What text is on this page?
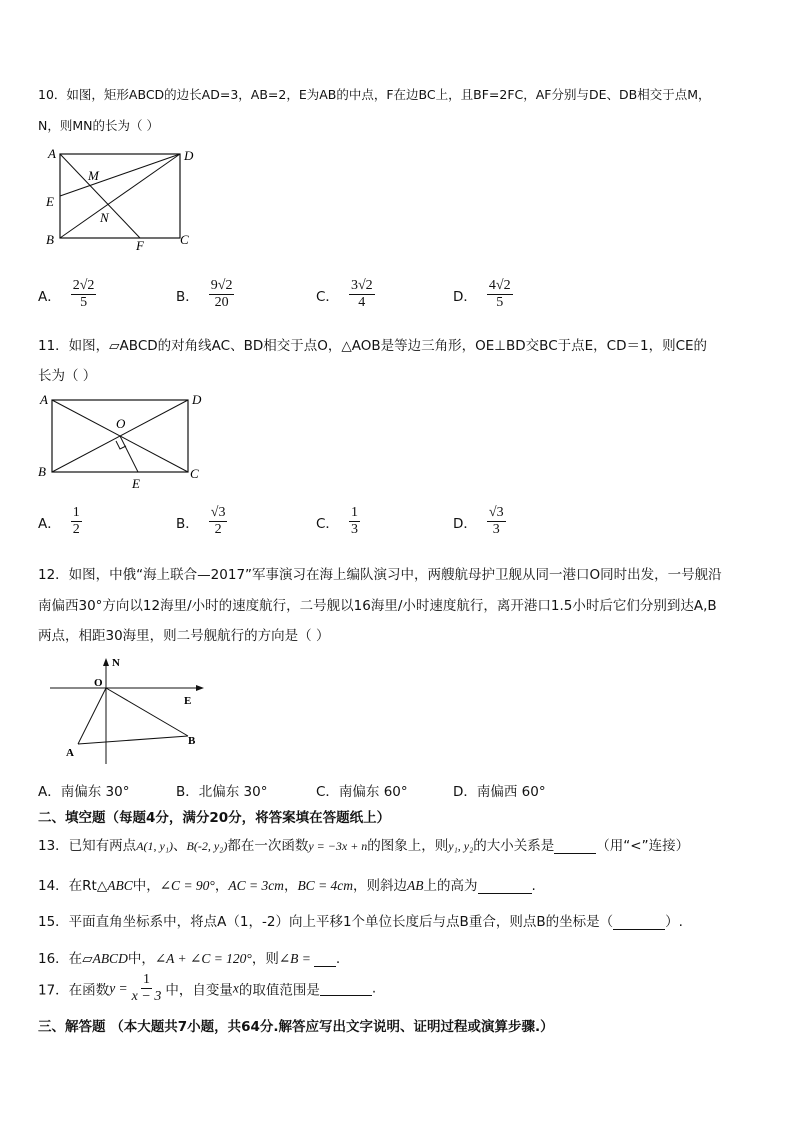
10．如图，矩形ABCD的边长AD=3，AB=2，E为AB的中点，F在边BC上，且BF=2FC，AF分别与DE、DB相交于点M，
N，则MN的长为（ ）
A	D
M
E
N
B	F	C
A． $\frac{2√2}{5}$	B． $\frac{9√2}{20}$	C． $\frac{3√2}{4}$	D． $\frac{4√2}{5}$
11．如图，▱ABCD的对角线AC、BD相交于点O，△AOB是等边三角形，OE⊥BD交BC于点E，CD＝1，则CE的
长为（ ）
A	D
O
B
E
C
A． $\frac{1}{2}$	B． $\frac{√3}{2}$	C． $\frac{1}{3}$	D． $\frac{√3}{3}$
12．如图，中俄“海上联合—2017”军事演习在海上编队演习中，两艘航母护卫舰从同一港口O同时出发，一号舰沿
南偏西30°方向以12海里/小时的速度航行，二号舰以16海里/小时速度航行，离开港口1.5小时后它们分别到达A,B
两点，相距30海里，则二号舰航行的方向是（ ）
N
O
E
A
B
A．南偏东 30°	B．北偏东 30°	C．南偏东 60°	D．南偏西 60°
二、填空题（每题4分，满分20分，将答案填在答题纸上）
13．已知有两点A(1, y₁)、B(-2, y₂)都在一次函数y = −3x + n的图象上，则y₁, y₂的大小关系是	（用“<”连接）
14．在Rt△ABC中，∠C = 90°，AC = 3cm，BC = 4cm，则斜边AB上的高为	.
15．平面直角坐标系中，将点A（1，-2）向上平移1个单位长度后与点B重合，则点B的坐标是（	）.
16．在▱ABCD中，∠A + ∠C = 120°，则∠B = .
17．在函数$y = \frac{1}{x - 3}$ 中，自变量x的取值范围是	.
三、解答题 （本大题共7小题，共64分.解答应写出文字说明、证明过程或演算步骤.）
